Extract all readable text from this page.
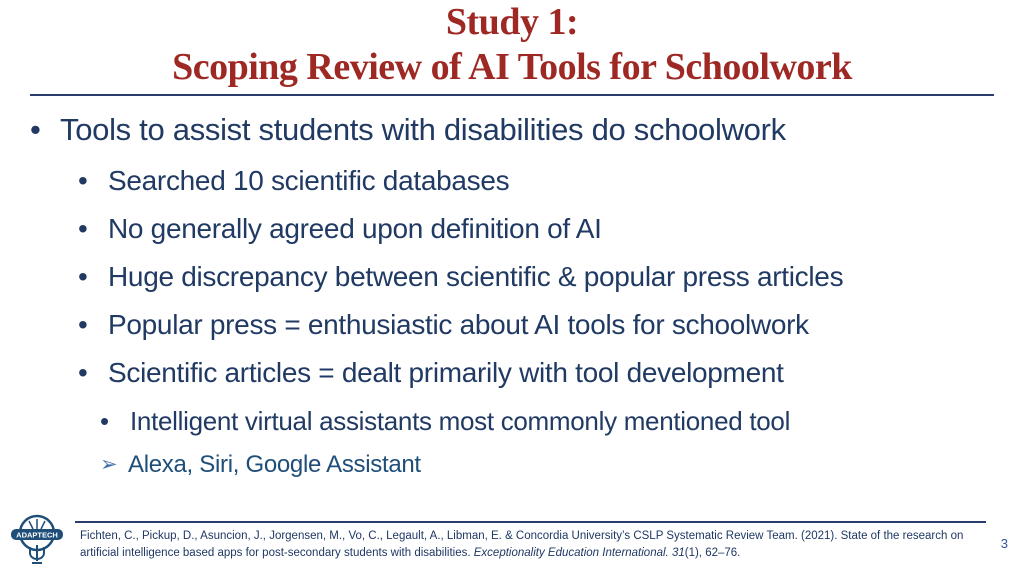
Study 1:
Scoping Review of AI Tools for Schoolwork
• Tools to assist students with disabilities do schoolwork
• Searched 10 scientific databases
• No generally agreed upon definition of AI
• Huge discrepancy between scientific & popular press articles
• Popular press = enthusiastic about AI tools for schoolwork
• Scientific articles = dealt primarily with tool development
• Intelligent virtual assistants most commonly mentioned tool
➢ Alexa, Siri, Google Assistant
ADAPTECH Fichten, C., Pickup, D., Asuncion, J., Jorgensen, M., Vo, C., Legault, A., Libman, E. & Concordia University’s CSLP Systematic Review Team. (2021). State of the research on artificial intelligence based apps for post-secondary students with disabilities. Exceptionality Education International. 31(1), 62–76.
3
